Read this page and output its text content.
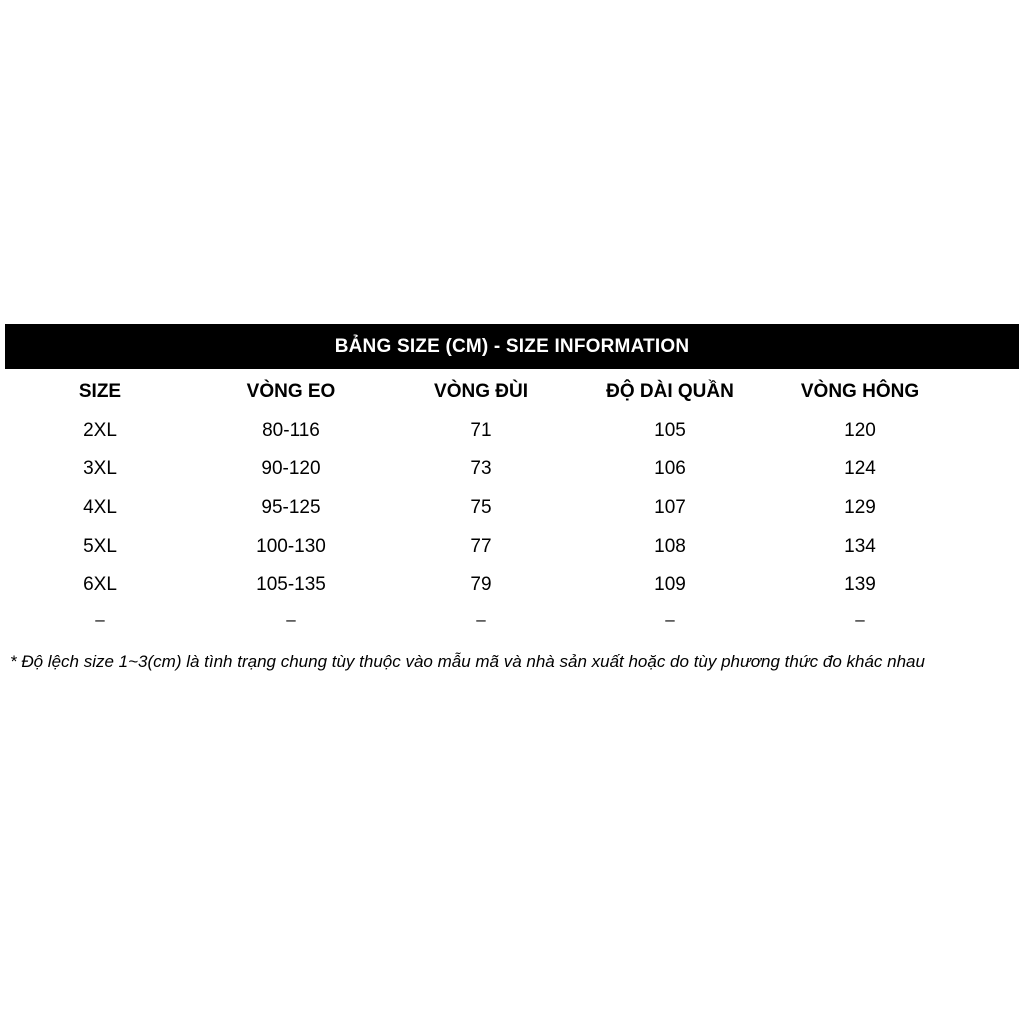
BẢNG SIZE (CM) - SIZE INFORMATION
SIZE	VÒNG EO	VÒNG ĐÙI	ĐỘ DÀI QUẦN	VÒNG HÔNG
2XL	80-116	71	105	120
3XL	90-120	73	106	124
4XL	95-125	75	107	129
5XL	100-130	77	108	134
6XL	105-135	79	109	139
–	–	–	–	–
* Độ lệch size 1~3(cm) là tình trạng chung tùy thuộc vào mẫu mã và nhà sản xuất hoặc do tùy phương thức đo khác nhau
